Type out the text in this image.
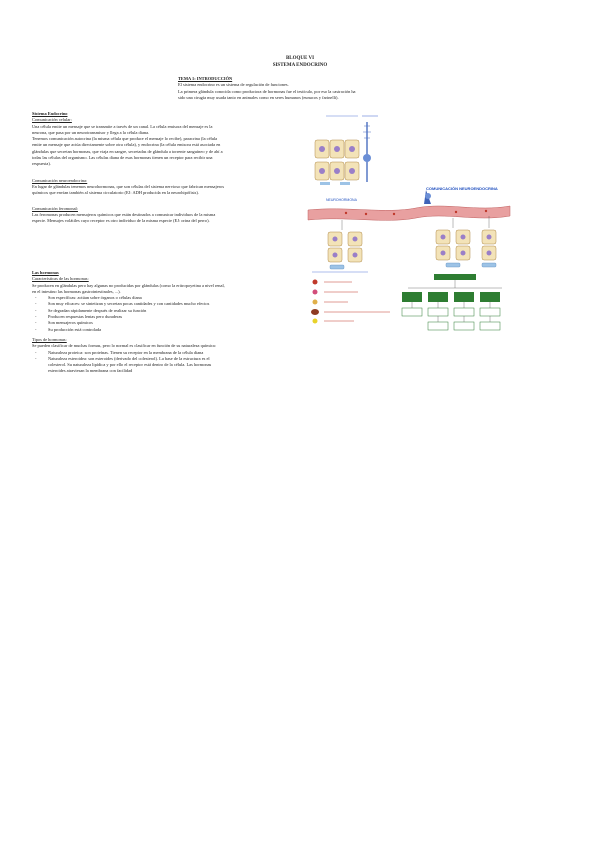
BLOQUE VI
SISTEMA ENDOCRINO
TEMA 1: INTRODUCCIÓN
El sistema endocrino es un sistema de regulación de funciones.
La primera glándula conocida como productora de hormonas fue el testículo, por eso la castración ha
sido una cirugía muy usada tanto en animales como en seres humanos (eunucos y farinelli).
Sistema Endocrino
Comunicación celular:
Una célula emite un mensaje que se transmite a través de un canal. La célula emisora del mensaje es la
neurona, que pasa por un neurotransmisor y llega a la célula diana.
Tenemos comunicación autocrina (la misma célula que produce el mensaje lo recibe), paracrina (la célula
emite un mensaje que actúa directamente sobre otra célula), y endocrina (la célula emisora está asociada en
glándulas que secretan hormonas, que viaja en sangre, secretadas de glándula a torrente sanguíneo y de ahí a
todas las células del organismo. Las células diana de esas hormonas tienen un receptor para recibir una
respuesta).
Comunicación neuroendocrina:
En lugar de glándulas tenemos neurohormonas, que son células del sistema nervioso que fabrican mensajeros
químicos que envían también al sistema circulatorio (EJ: ADH producida en la neurohipófisis).
Comunicación feromonal:
Las feromonas producen mensajeros químicos que están destinados a comunicar individuos de la misma
especie. Mensajes volátiles cuyo receptor es otro individuo de la misma especie (EJ: orina del perro).
Las hormonas
Características de las hormonas:
Se producen en glándulas pero hay algunas no producidas por glándulas (como la eritropoyetina a nivel renal,
en el intestino las hormonas gastrointestinales, ...).
- Son específicas: actúan sobre órganos o células diana
- Son muy eficaces: se sintetizan y secretan pocas cantidades y con cantidades mucho efectos
- Se degradan rápidamente después de realizar su función
- Producen respuestas lentas pero duraderas
- Son mensajeros químicos
- Su producción está controlada
Tipos de hormonas:
Se pueden clasificar de muchas formas, pero lo normal es clasificar en función de su naturaleza química:
- Naturaleza proteica: son proteínas. Tienen su receptor en la membrana de la célula diana
- Naturaleza esteroidea: son esteroides (derivado del colesterol). La base de la estructura es el
colesterol. Su naturaleza lipídica y por ello el receptor está dentro de la célula. Las hormonas
esteroides atraviesan la membrana con facilidad
COMUNICACIÓN NEUROENDOCRINA
NEUROHORMONA
